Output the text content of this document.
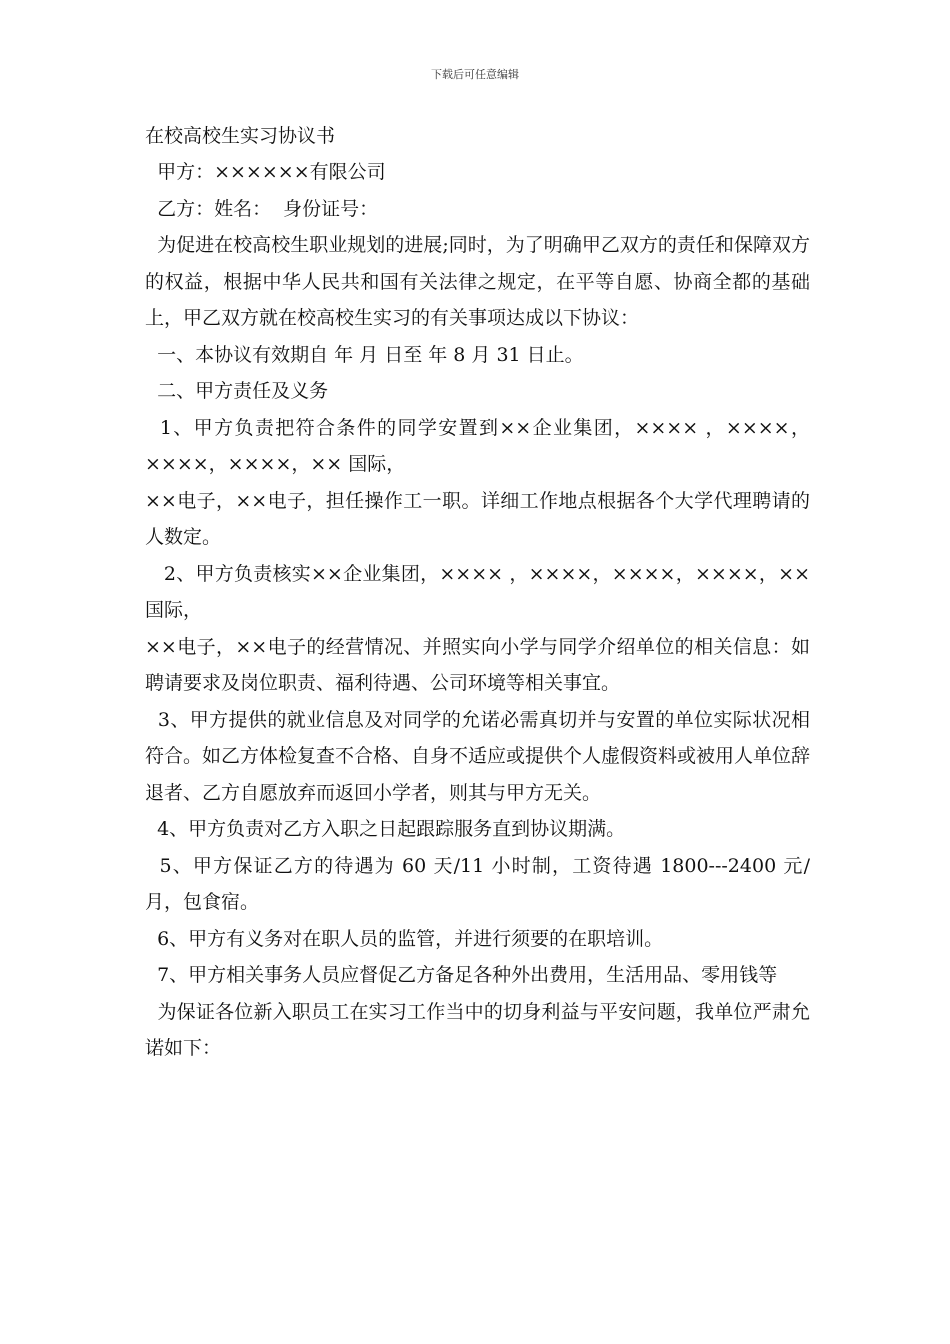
下载后可任意编辑

在校高校生实习协议书

甲方：××××××有限公司

乙方：姓名：  身份证号：

为促进在校高校生职业规划的进展;同时，为了明确甲乙双方的责任和保障双方的权益，根据中华人民共和国有关法律之规定，在平等自愿、协商全都的基础上，甲乙双方就在校高校生实习的有关事项达成以下协议：

一、本协议有效期自 年 月 日至 年 8 月 31 日止。

二、甲方责任及义务

1、甲方负责把符合条件的同学安置到××企业集团，×××× ，××××，××××，××××，×× 国际，

××电子，××电子，担任操作工一职。详细工作地点根据各个大学代理聘请的人数定。

2、甲方负责核实××企业集团，×××× ，××××，××××，××××，×× 国际，

××电子，××电子的经营情况、并照实向小学与同学介绍单位的相关信息：如聘请要求及岗位职责、福利待遇、公司环境等相关事宜。

3、甲方提供的就业信息及对同学的允诺必需真切并与安置的单位实际状况相符合。如乙方体检复查不合格、自身不适应或提供个人虚假资料或被用人单位辞退者、乙方自愿放弃而返回小学者，则其与甲方无关。

4、甲方负责对乙方入职之日起跟踪服务直到协议期满。

5、甲方保证乙方的待遇为 60 天/11 小时制，工资待遇 1800---2400 元/月，包食宿。

6、甲方有义务对在职人员的监管，并进行须要的在职培训。

7、甲方相关事务人员应督促乙方备足各种外出费用，生活用品、零用钱等

为保证各位新入职员工在实习工作当中的切身利益与平安问题，我单位严肃允诺如下：
